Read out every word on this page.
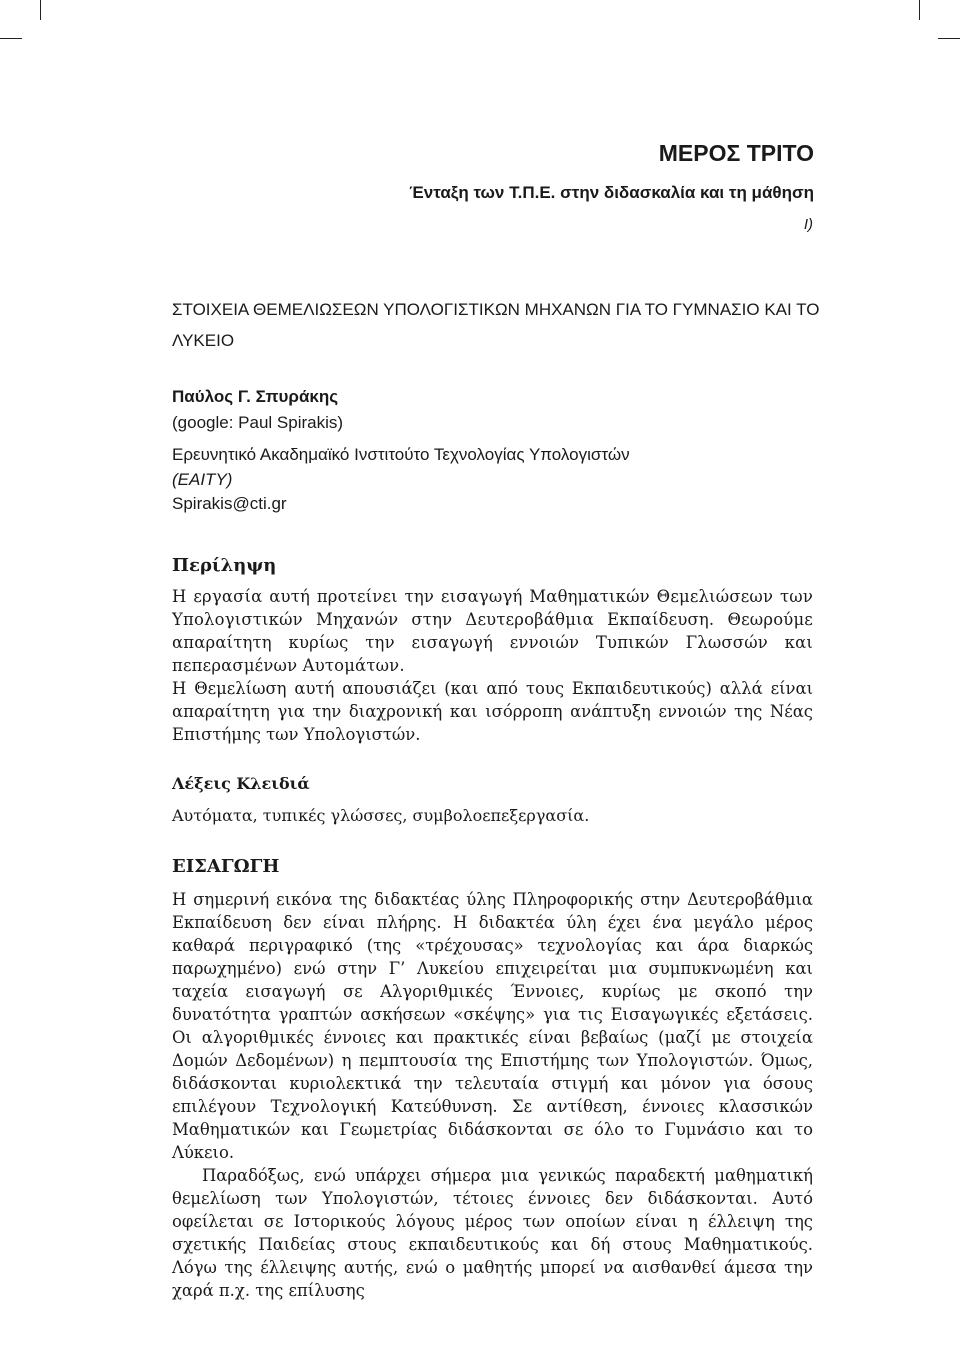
ΜΕΡΟΣ ΤΡΙΤΟ
Ένταξη των Τ.Π.Ε. στην διδασκαλία και τη μάθηση
I)
ΣΤΟΙΧΕΙΑ ΘΕΜΕΛΙΩΣΕΩΝ ΥΠΟΛΟΓΙΣΤΙΚΩΝ ΜΗΧΑΝΩΝ ΓΙΑ ΤΟ ΓΥΜΝΑΣΙΟ ΚΑΙ ΤΟ ΛΥΚΕΙΟ
Παύλος Γ. Σπυράκης
(google: Paul Spirakis)
Ερευνητικό Ακαδημαϊκό Ινστιτούτο Τεχνολογίας Υπολογιστών
(ΕΑΙΤΥ)
Spirakis@cti.gr
Περίληψη

Η εργασία αυτή προτείνει την εισαγωγή Μαθηματικών Θεμελιώσεων των Υπολογιστικών Μηχανών στην Δευτεροβάθμια Εκπαίδευση. Θεωρούμε απαραίτητη κυρίως την εισαγωγή εννοιών Τυπικών Γλωσσών και πεπερασμένων Αυτομάτων.

Η Θεμελίωση αυτή απουσιάζει (και από τους Εκπαιδευτικούς) αλλά είναι απαραίτητη για την διαχρονική και ισόρροπη ανάπτυξη εννοιών της Νέας Επιστήμης των Υπολογιστών.

Λέξεις Κλειδιά
Αυτόματα, τυπικές γλώσσες, συμβολοεπεξεργασία.
ΕΙΣΑΓΩΓΗ

Η σημερινή εικόνα της διδακτέας ύλης Πληροφορικής στην Δευτεροβάθμια Εκπαίδευση δεν είναι πλήρης. Η διδακτέα ύλη έχει ένα μεγάλο μέρος καθαρά περιγραφικό (της «τρέχουσας» τεχνολογίας και άρα διαρκώς παρωχημένο) ενώ στην Γ’ Λυκείου επιχειρείται μια συμπυκνωμένη και ταχεία εισαγωγή σε Αλγοριθμικές Έννοιες, κυρίως με σκοπό την δυνατότητα γραπτών ασκήσεων «σκέψης» για τις Εισαγωγικές εξετάσεις. Οι αλγοριθμικές έννοιες και πρακτικές είναι βεβαίως (μαζί με στοιχεία Δομών Δεδομένων) η πεμπτουσία της Επιστήμης των Υπολογιστών. Όμως, διδάσκονται κυριολεκτικά την τελευταία στιγμή και μόνον για όσους επιλέγουν Τεχνολογική Κατεύθυνση. Σε αντίθεση, έννοιες κλασσικών Μαθηματικών και Γεωμετρίας διδάσκονται σε όλο το Γυμνάσιο και το Λύκειο.

Παραδόξως, ενώ υπάρχει σήμερα μια γενικώς παραδεκτή μαθηματική θεμελίωση των Υπολογιστών, τέτοιες έννοιες δεν διδάσκονται. Αυτό οφείλεται σε Ιστορικούς λόγους μέρος των οποίων είναι η έλλειψη της σχετικής Παιδείας στους εκπαιδευτικούς και δή στους Μαθηματικούς. Λόγω της έλλειψης αυτής, ενώ ο μαθητής μπορεί να αισθανθεί άμεσα την χαρά π.χ. της επίλυσης
